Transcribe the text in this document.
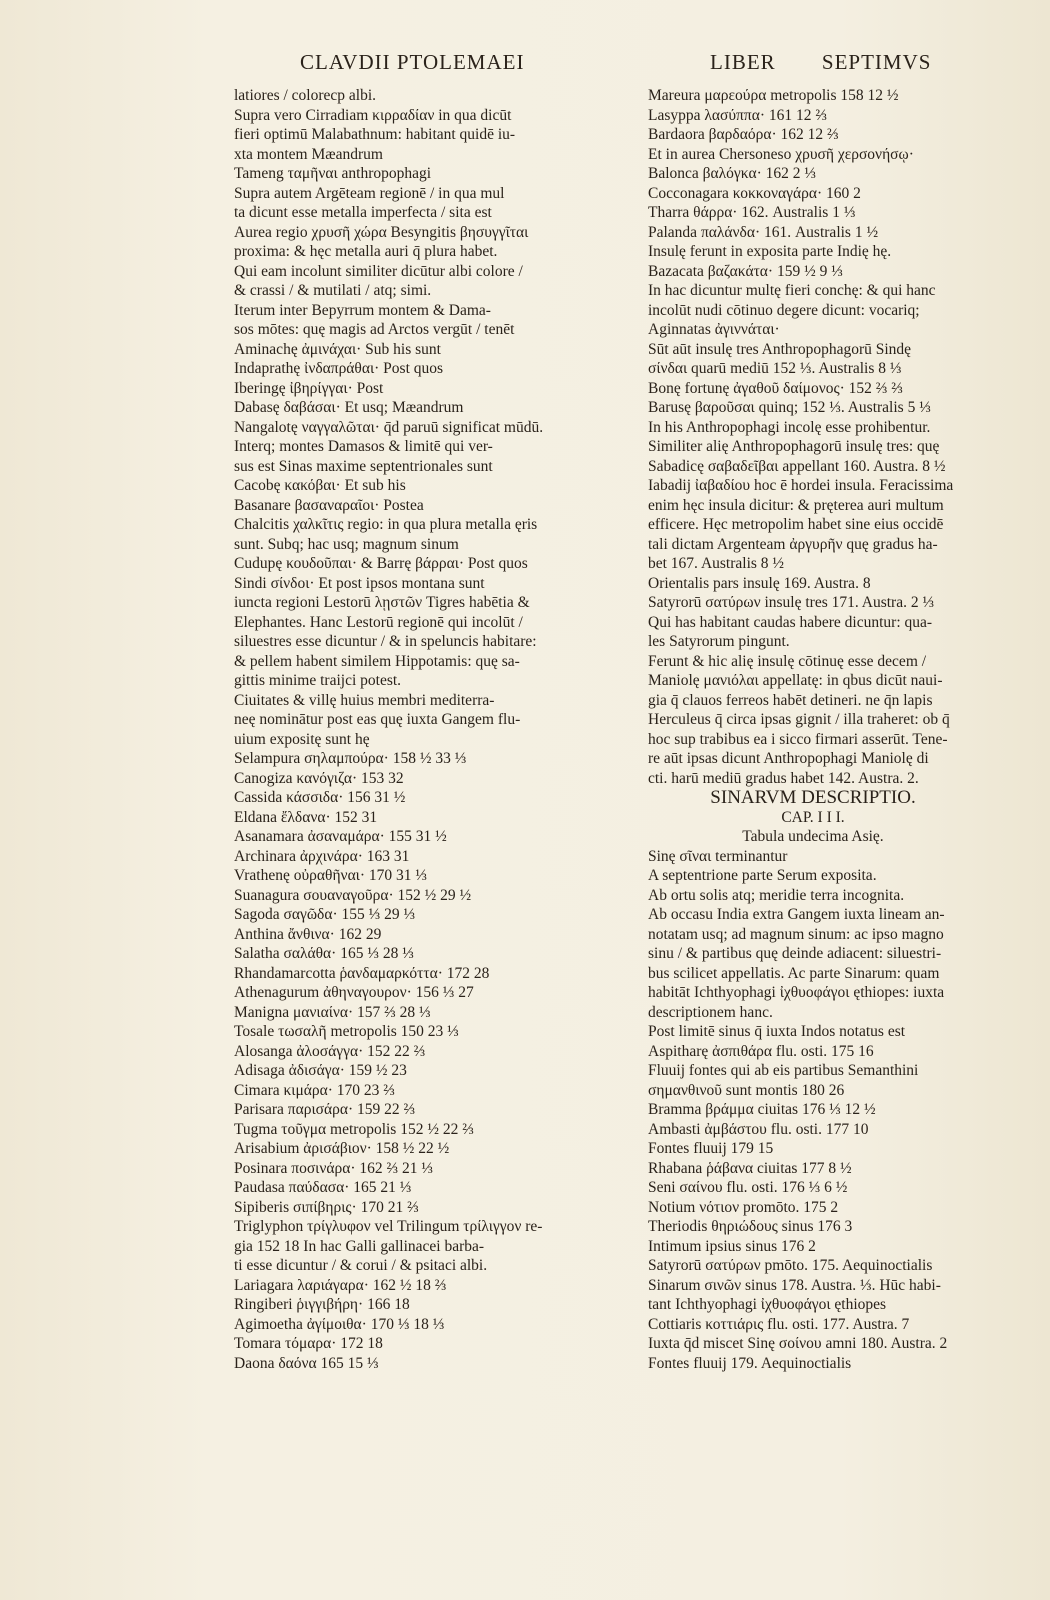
CLAVDII PTOLEMAEI	LIBER SEPTIMVS
latiores / colorecp albi.
Supra vero Cirradiam κιρραδίαν in qua dicūt
fieri optimū Malabathnum: habitant quidē iu-
xta montem Mæandrum
Tameng ταμῆναι anthropophagi
Supra autem Argēteam regionē / in qua mul
ta dicunt esse metalla imperfecta / sita est
Aurea regio χρυσῆ χώρα Besyngitis βησυγγῖται
proxima: & hęc metalla auri q̄ plura habet.
Qui eam incolunt similiter dicūtur albi colore /
& crassi / & mutilati / atq; simi.
Iterum inter Bepyrrum montem & Dama-
sos mōtes: quę magis ad Arctos vergūt / tenēt
Aminachę ἀμινάχαι· Sub his sunt
Indaprathę ἰνδαπράθαι· Post quos
Iberingę ἰβηρίγγαι· Post
Dabasę δαβάσαι· Et usq; Mæandrum
Nangalotę ναγγαλῶται· q̄d paruū significat mūdū.
Interq; montes Damasos & limitē qui ver-
sus est Sinas maxime septentrionales sunt
Cacobę κακόβαι· Et sub his
Basanare βασαναραῖοι· Postea
Chalcitis χαλκῖτις regio: in qua plura metalla ęris
sunt. Subq; hac usq; magnum sinum
Cudupę κουδοῦπαι· & Barrę βάρραι· Post quos
Sindi σίνδοι· Et post ipsos montana sunt
iuncta regioni Lestorū λῃστῶν Tigres habētia &
Elephantes. Hanc Lestorū regionē qui incolūt /
siluestres esse dicuntur / & in speluncis habitare:
& pellem habent similem Hippotamis: quę sa-
gittis minime traijci potest.
Ciuitates & villę huius membri mediterra-
neę nominātur post eas quę iuxta Gangem flu-
uium expositę sunt hę
Selampura σηλαμπούρα· 158 ½ 33 ⅓
Canogiza κανόγιζα· 153 32
Cassida κάσσιδα· 156 31 ½
Eldana ἔλδανα· 152 31
Asanamara ἀσαναμάρα· 155 31 ½
Archinara ἀρχινάρα· 163 31
Vrathenę οὐραθῆναι· 170 31 ⅓
Suanagura σουαναγοῦρα· 152 ½ 29 ½
Sagoda σαγῶδα· 155 ⅓ 29 ⅓
Anthina ἄνθινα· 162 29
Salatha σαλάθα· 165 ⅓ 28 ⅓
Rhandamarcotta ῥανδαμαρκόττα· 172 28
Athenagurum ἀθηναγουρον· 156 ⅓ 27
Manigna μανιαίνα· 157 ⅔ 28 ⅓
Tosale τωσαλῆ metropolis 150 23 ⅓
Alosanga ἀλοσάγγα· 152 22 ⅔
Adisaga ἀδισάγα· 159 ½ 23
Cimara κιμάρα· 170 23 ⅔
Parisara παρισάρα· 159 22 ⅔
Tugma τοῦγμα metropolis 152 ½ 22 ⅔
Arisabium ἀρισάβιον· 158 ½ 22 ½
Posinara ποσινάρα· 162 ⅔ 21 ⅓
Paudasa παύδασα· 165 21 ⅓
Sipiberis σιπίβηρις· 170 21 ⅔
Triglyphon τρίγλυφον vel Trilingum τρίλιγγον re-
gia 152 18 In hac Galli gallinacei barba-
ti esse dicuntur / & corui / & psitaci albi.
Lariagara λαριάγαρα· 162 ½ 18 ⅔
Ringiberi ῥιγγιβήρη· 166 18
Agimoetha ἀγίμοιθα· 170 ⅓ 18 ⅓
Tomara τόμαρα· 172 18
Daona δαόνα 165 15 ⅓
Mareura μαρεούρα metropolis 158 12 ½
Lasyppa λασύππα· 161 12 ⅔
Bardaora βαρδαόρα· 162 12 ⅔
Et in aurea Chersoneso χρυσῆ χερσονήσῳ·
Balonca βαλόγκα· 162 2 ⅓
Cocconagara κοκκοναγάρα· 160 2
Tharra θάρρα· 162. Australis 1 ⅓
Palanda παλάνδα· 161. Australis 1 ½
Insulę ferunt in exposita parte Indię hę.
Bazacata βαζακάτα· 159 ½ 9 ⅓
In hac dicuntur multę fieri conchę: & qui hanc
incolūt nudi cōtinuo degere dicunt: vocariq;
Aginnatas ἀγιννάται·
Sūt aūt insulę tres Anthropophagorū Sindę
σίνδαι quarū mediū 152 ⅓. Australis 8 ⅓
Bonę fortunę ἀγαθοῦ δαίμονος· 152 ⅔ ⅔
Barusę βαροῦσαι quinq; 152 ⅓. Australis 5 ⅓
In his Anthropophagi incolę esse prohibentur.
Similiter alię Anthropophagorū insulę tres: quę
Sabadicę σαβαδεῖβαι appellant 160. Austra. 8 ½
Iabadij ἰαβαδίου hoc ē hordei insula. Feracissima
enim hęc insula dicitur: & pręterea auri multum
efficere. Hęc metropolim habet sine eius occidē
tali dictam Argenteam ἀργυρῆν quę gradus ha-
bet 167. Australis 8 ½
Orientalis pars insulę 169. Austra. 8
Satyrorū σατύρων insulę tres 171. Austra. 2 ⅓
Qui has habitant caudas habere dicuntur: qua-
les Satyrorum pingunt.
Ferunt & hic alię insulę cōtinuę esse decem /
Maniolę μανιόλαι appellatę: in qbus dicūt naui-
gia q̄ clauos ferreos habēt detineri. ne q̄n lapis
Herculeus q̄ circa ipsas gignit / illa traheret: ob q̄
hoc sup trabibus ea i sicco firmari asserūt. Tene-
re aūt ipsas dicunt Anthropophagi Maniolę di
cti. harū mediū gradus habet 142. Austra. 2.
SINARVM DESCRIPTIO.
CAP. I I I.
Tabula undecima Asię.
Sinę σῖναι terminantur
A septentrione parte Serum exposita.
Ab ortu solis atq; meridie terra incognita.
Ab occasu India extra Gangem iuxta lineam an-
notatam usq; ad magnum sinum: ac ipso magno
sinu / & partibus quę deinde adiacent: siluestri-
bus scilicet appellatis. Ac parte Sinarum: quam
habitāt Ichthyophagi ἰχθυοφάγοι ęthiopes: iuxta
descriptionem hanc.
Post limitē sinus q̄ iuxta Indos notatus est
Aspitharę ἀσπιθάρα flu. osti. 175 16
Fluuij fontes qui ab eis partibus Semanthini
σημανθινοῦ sunt montis 180 26
Bramma βράμμα ciuitas 176 ⅓ 12 ½
Ambasti ἀμβάστου flu. osti. 177 10
Fontes fluuij 179 15
Rhabana ῥάβανα ciuitas 177 8 ½
Seni σαίνου flu. osti. 176 ⅓ 6 ½
Notium νότιον promōto. 175 2
Theriodis θηριώδους sinus 176 3
Intimum ipsius sinus 176 2
Satyrorū σατύρων pmōto. 175. Aequinoctialis
Sinarum σινῶν sinus 178. Austra. ⅓. Hūc habi-
tant Ichthyophagi ἰχθυοφάγοι ęthiopes
Cottiaris κοττιάρις flu. osti. 177. Austra. 7
Iuxta q̄d miscet Sinę σοίνου amni 180. Austra. 2
Fontes fluuij 179. Aequinoctialis
